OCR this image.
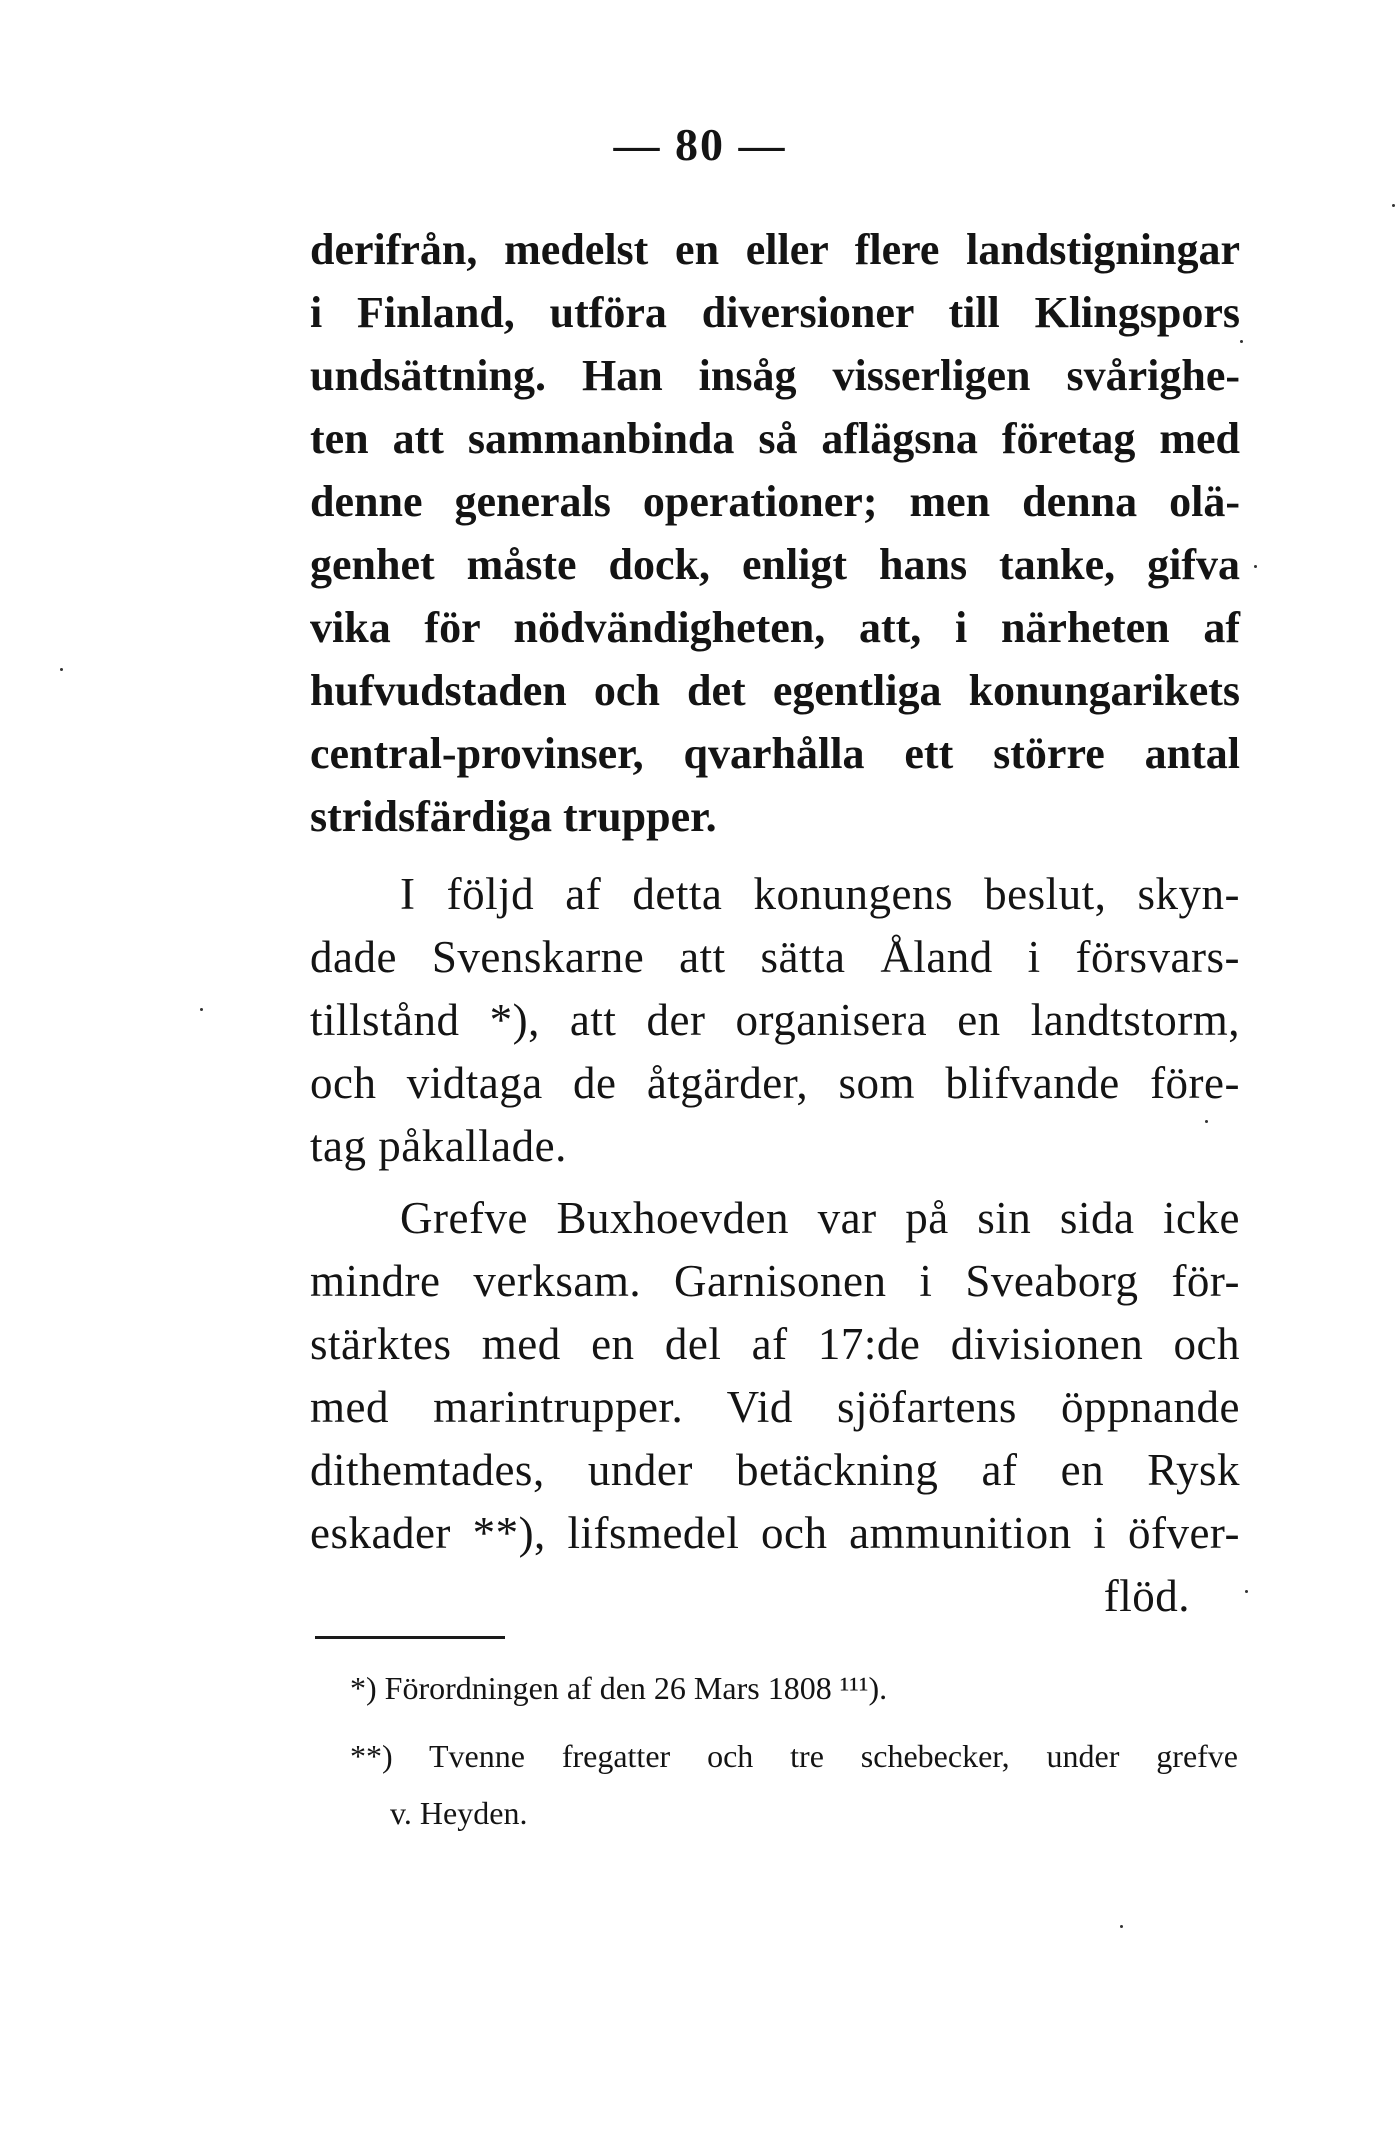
— 80 —

derifrån, medelst en eller flere landstigningar

i Finland, utföra diversioner till Klingspors

undsättning. Han insåg visserligen svårighe-

ten att sammanbinda så aflägsna företag med

denne generals operationer; men denna olä-

genhet måste dock, enligt hans tanke, gifva

vika för nödvändigheten, att, i närheten af

hufvudstaden och det egentliga konungarikets

central-provinser, qvarhålla ett större antal

stridsfärdiga trupper.

I följd af detta konungens beslut, skyn-

dade Svenskarne att sätta Åland i försvars-

tillstånd *), att der organisera en landtstorm,

och vidtaga de åtgärder, som blifvande före-

tag påkallade.

Grefve Buxhoevden var på sin sida icke

mindre verksam. Garnisonen i Sveaborg för-

stärktes med en del af 17:de divisionen och

med marintrupper. Vid sjöfartens öppnande

dithemtades, under betäckning af en Rysk

eskader **), lifsmedel och ammunition i öfver-

flöd.

*) Förordningen af den 26 Mars 1808 ¹¹¹).

**) Tvenne fregatter och tre schebecker, under grefve

v. Heyden.
